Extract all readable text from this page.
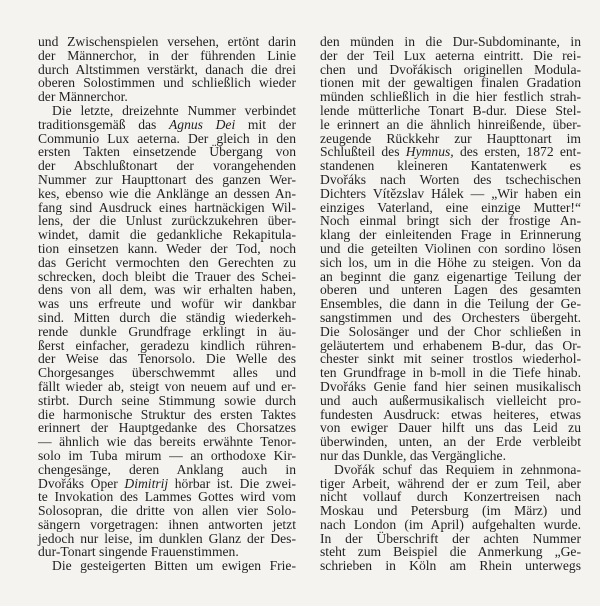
und Zwischenspielen versehen, ertönt darin
der Männerchor, in der führenden Linie
durch Altstimmen verstärkt, danach die drei
oberen Solostimmen und schließlich wieder
der Männerchor.
Die letzte, dreizehnte Nummer verbindet
traditionsgemäß das Agnus Dei mit der
Communio Lux aeterna. Der gleich in den
ersten Takten einsetzende Übergang von
der Abschlußtonart der vorangehenden
Nummer zur Haupttonart des ganzen Wer-
kes, ebenso wie die Anklänge an dessen An-
fang sind Ausdruck eines hartnäckigen Wil-
lens, der die Unlust zurückzukehren über-
windet, damit die gedankliche Rekapitula-
tion einsetzen kann. Weder der Tod, noch
das Gericht vermochten den Gerechten zu
schrecken, doch bleibt die Trauer des Schei-
dens von all dem, was wir erhalten haben,
was uns erfreute und wofür wir dankbar
sind. Mitten durch die ständig wiederkeh-
rende dunkle Grundfrage erklingt in äu-
ßerst einfacher, geradezu kindlich rühren-
der Weise das Tenorsolo. Die Welle des
Chorgesanges überschwemmt alles und
fällt wieder ab, steigt von neuem auf und er-
stirbt. Durch seine Stimmung sowie durch
die harmonische Struktur des ersten Taktes
erinnert der Hauptgedanke des Chorsatzes
— ähnlich wie das bereits erwähnte Tenor-
solo im Tuba mirum — an orthodoxe Kir-
chengesänge, deren Anklang auch in
Dvořáks Oper Dimitrij hörbar ist. Die zwei-
te Invokation des Lammes Gottes wird vom
Solosopran, die dritte von allen vier Solo-
sängern vorgetragen: ihnen antworten jetzt
jedoch nur leise, im dunklen Glanz der Des-
dur-Tonart singende Frauenstimmen.
Die gesteigerten Bitten um ewigen Frie-
den münden in die Dur-Subdominante, in
der der Teil Lux aeterna eintritt. Die rei-
chen und Dvořákisch originellen Modula-
tionen mit der gewaltigen finalen Gradation
münden schließlich in die hier festlich strah-
lende mütterliche Tonart B-dur. Diese Stel-
le erinnert an die ähnlich hinreißende, über-
zeugende Rückkehr zur Haupttonart im
Schlußteil des Hymnus, des ersten, 1872 ent-
standenen kleineren Kantatenwerk es
Dvořáks nach Worten des tschechischen
Dichters Vítězslav Hálek — „Wir haben ein
einziges Vaterland, eine einzige Mutter!“
Noch einmal bringt sich der frostige An-
klang der einleitenden Frage in Erinnerung
und die geteilten Violinen con sordino lösen
sich los, um in die Höhe zu steigen. Von da
an beginnt die ganz eigenartige Teilung der
oberen und unteren Lagen des gesamten
Ensembles, die dann in die Teilung der Ge-
sangstimmen und des Orchesters übergeht.
Die Solosänger und der Chor schließen in
geläutertem und erhabenem B-dur, das Or-
chester sinkt mit seiner trostlos wiederhol-
ten Grundfrage in b-moll in die Tiefe hinab.
Dvořáks Genie fand hier seinen musikalisch
und auch außermusikalisch vielleicht pro-
fundesten Ausdruck: etwas heiteres, etwas
von ewiger Dauer hilft uns das Leid zu
überwinden, unten, an der Erde verbleibt
nur das Dunkle, das Vergängliche.
Dvořák schuf das Requiem in zehnmona-
tiger Arbeit, während der er zum Teil, aber
nicht vollauf durch Konzertreisen nach
Moskau und Petersburg (im März) und
nach London (im April) aufgehalten wurde.
In der Überschrift der achten Nummer
steht zum Beispiel die Anmerkung „Ge-
schrieben in Köln am Rhein unterwegs
